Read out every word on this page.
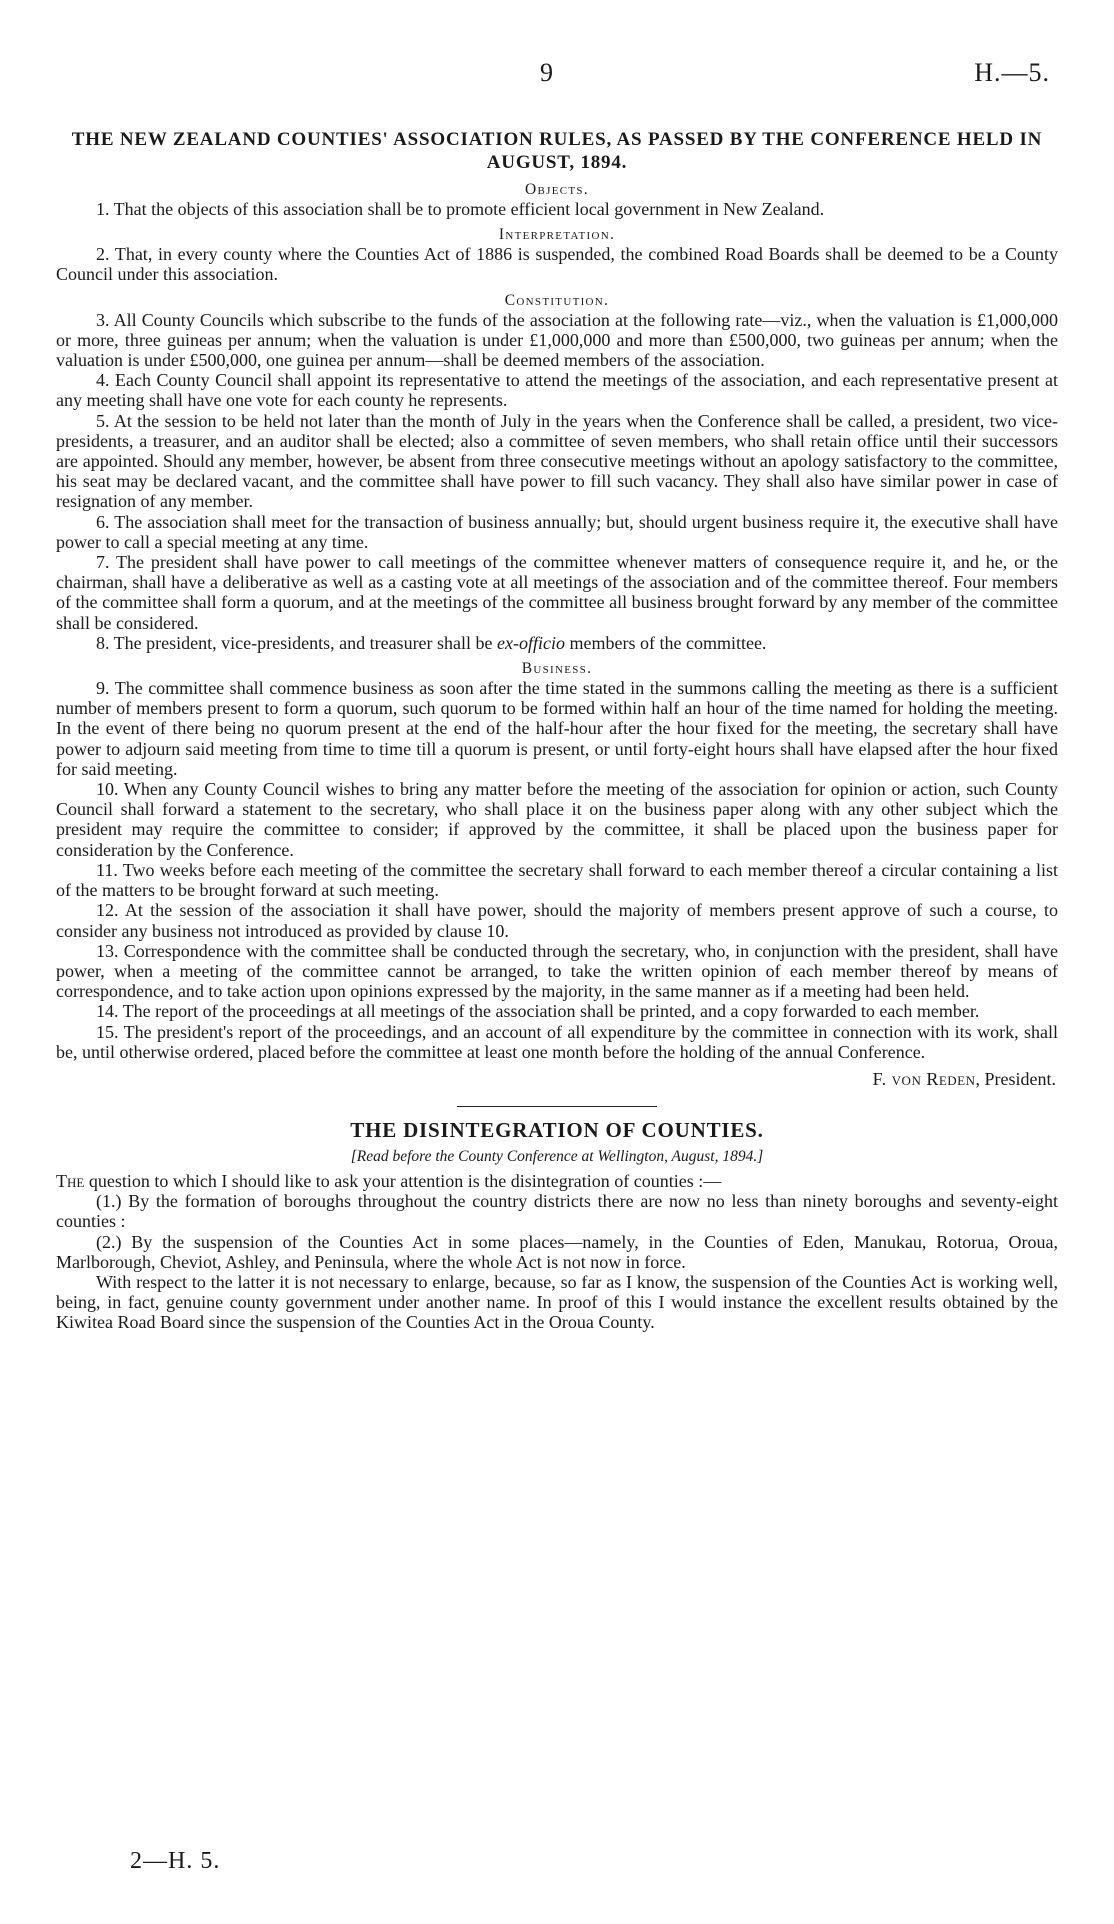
9	H.—5.
THE NEW ZEALAND COUNTIES' ASSOCIATION RULES, AS PASSED BY THE CONFERENCE HELD IN AUGUST, 1894.
Objects.

1. That the objects of this association shall be to promote efficient local government in New Zealand.

Interpretation.

2. That, in every county where the Counties Act of 1886 is suspended, the combined Road Boards shall be deemed to be a County Council under this association.

Constitution.

3. All County Councils which subscribe to the funds of the association at the following rate—viz., when the valuation is £1,000,000 or more, three guineas per annum; when the valuation is under £1,000,000 and more than £500,000, two guineas per annum; when the valuation is under £500,000, one guinea per annum—shall be deemed members of the association.

4. Each County Council shall appoint its representative to attend the meetings of the association, and each representative present at any meeting shall have one vote for each county he represents.

5. At the session to be held not later than the month of July in the years when the Conference shall be called, a president, two vice-presidents, a treasurer, and an auditor shall be elected; also a committee of seven members, who shall retain office until their successors are appointed. Should any member, however, be absent from three consecutive meetings without an apology satisfactory to the committee, his seat may be declared vacant, and the committee shall have power to fill such vacancy. They shall also have similar power in case of resignation of any member.

6. The association shall meet for the transaction of business annually; but, should urgent business require it, the executive shall have power to call a special meeting at any time.

7. The president shall have power to call meetings of the committee whenever matters of consequence require it, and he, or the chairman, shall have a deliberative as well as a casting vote at all meetings of the association and of the committee thereof. Four members of the committee shall form a quorum, and at the meetings of the committee all business brought forward by any member of the committee shall be considered.

8. The president, vice-presidents, and treasurer shall be ex-officio members of the committee.

Business.

9. The committee shall commence business as soon after the time stated in the summons calling the meeting as there is a sufficient number of members present to form a quorum, such quorum to be formed within half an hour of the time named for holding the meeting. In the event of there being no quorum present at the end of the half-hour after the hour fixed for the meeting, the secretary shall have power to adjourn said meeting from time to time till a quorum is present, or until forty-eight hours shall have elapsed after the hour fixed for said meeting.

10. When any County Council wishes to bring any matter before the meeting of the association for opinion or action, such County Council shall forward a statement to the secretary, who shall place it on the business paper along with any other subject which the president may require the committee to consider; if approved by the committee, it shall be placed upon the business paper for consideration by the Conference.

11. Two weeks before each meeting of the committee the secretary shall forward to each member thereof a circular containing a list of the matters to be brought forward at such meeting.

12. At the session of the association it shall have power, should the majority of members present approve of such a course, to consider any business not introduced as provided by clause 10.

13. Correspondence with the committee shall be conducted through the secretary, who, in conjunction with the president, shall have power, when a meeting of the committee cannot be arranged, to take the written opinion of each member thereof by means of correspondence, and to take action upon opinions expressed by the majority, in the same manner as if a meeting had been held.

14. The report of the proceedings at all meetings of the association shall be printed, and a copy forwarded to each member.

15. The president's report of the proceedings, and an account of all expenditure by the committee in connection with its work, shall be, until otherwise ordered, placed before the committee at least one month before the holding of the annual Conference.

F. von Reden, President.
THE DISINTEGRATION OF COUNTIES.
[Read before the County Conference at Wellington, August, 1894.]

The question to which I should like to ask your attention is the disintegration of counties :—

(1.) By the formation of boroughs throughout the country districts there are now no less than ninety boroughs and seventy-eight counties :

(2.) By the suspension of the Counties Act in some places—namely, in the Counties of Eden, Manukau, Rotorua, Oroua, Marlborough, Cheviot, Ashley, and Peninsula, where the whole Act is not now in force.

With respect to the latter it is not necessary to enlarge, because, so far as I know, the suspension of the Counties Act is working well, being, in fact, genuine county government under another name. In proof of this I would instance the excellent results obtained by the Kiwitea Road Board since the suspension of the Counties Act in the Oroua County.

2—H. 5.
